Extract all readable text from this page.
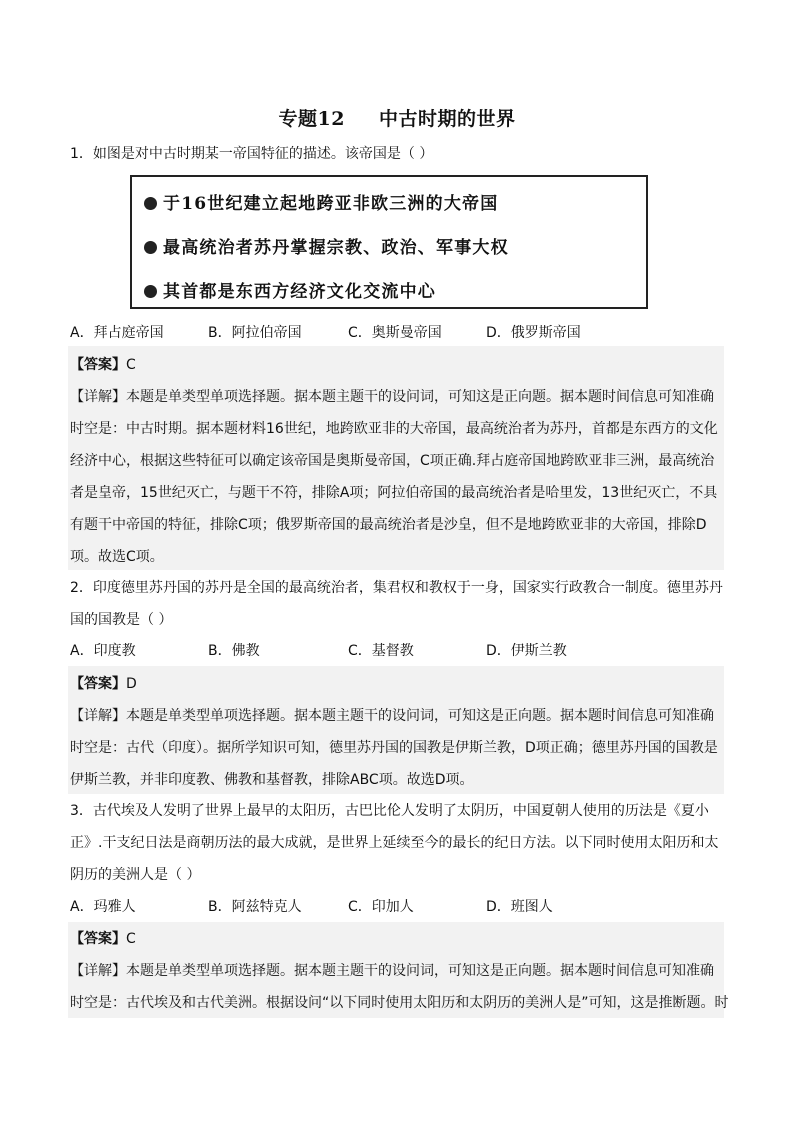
专题12 中古时期的世界
1．如图是对中古时期某一帝国特征的描述。该帝国是（ ）
于16世纪建立起地跨亚非欧三洲的大帝国
最高统治者苏丹掌握宗教、政治、军事大权
其首都是东西方经济文化交流中心
A．拜占庭帝国	B．阿拉伯帝国	C．奥斯曼帝国	D．俄罗斯帝国
【答案】C
【详解】本题是单类型单项选择题。据本题主题干的设问词，可知这是正向题。据本题时间信息可知准确
时空是：中古时期。据本题材料16世纪，地跨欧亚非的大帝国，最高统治者为苏丹，首都是东西方的文化
经济中心，根据这些特征可以确定该帝国是奥斯曼帝国，C项正确.拜占庭帝国地跨欧亚非三洲，最高统治
者是皇帝，15世纪灭亡，与题干不符，排除A项；阿拉伯帝国的最高统治者是哈里发，13世纪灭亡，不具
有题干中帝国的特征，排除C项；俄罗斯帝国的最高统治者是沙皇，但不是地跨欧亚非的大帝国，排除D
项。故选C项。
2．印度德里苏丹国的苏丹是全国的最高统治者，集君权和教权于一身，国家实行政教合一制度。德里苏丹
国的国教是（ ）
A．印度教	B．佛教	C．基督教	D．伊斯兰教
【答案】D
【详解】本题是单类型单项选择题。据本题主题干的设问词，可知这是正向题。据本题时间信息可知准确
时空是：古代（印度）。据所学知识可知，德里苏丹国的国教是伊斯兰教，D项正确；德里苏丹国的国教是
伊斯兰教，并非印度教、佛教和基督教，排除ABC项。故选D项。
3．古代埃及人发明了世界上最早的太阳历，古巴比伦人发明了太阴历，中国夏朝人使用的历法是《夏小
正》.干支纪日法是商朝历法的最大成就，是世界上延续至今的最长的纪日方法。以下同时使用太阳历和太
阴历的美洲人是（ ）
A．玛雅人	B．阿兹特克人	C．印加人	D．班图人
【答案】C
【详解】本题是单类型单项选择题。据本题主题干的设问词，可知这是正向题。据本题时间信息可知准确
时空是：古代埃及和古代美洲。根据设问“以下同时使用太阳历和太阴历的美洲人是”可知，这是推断题。时
